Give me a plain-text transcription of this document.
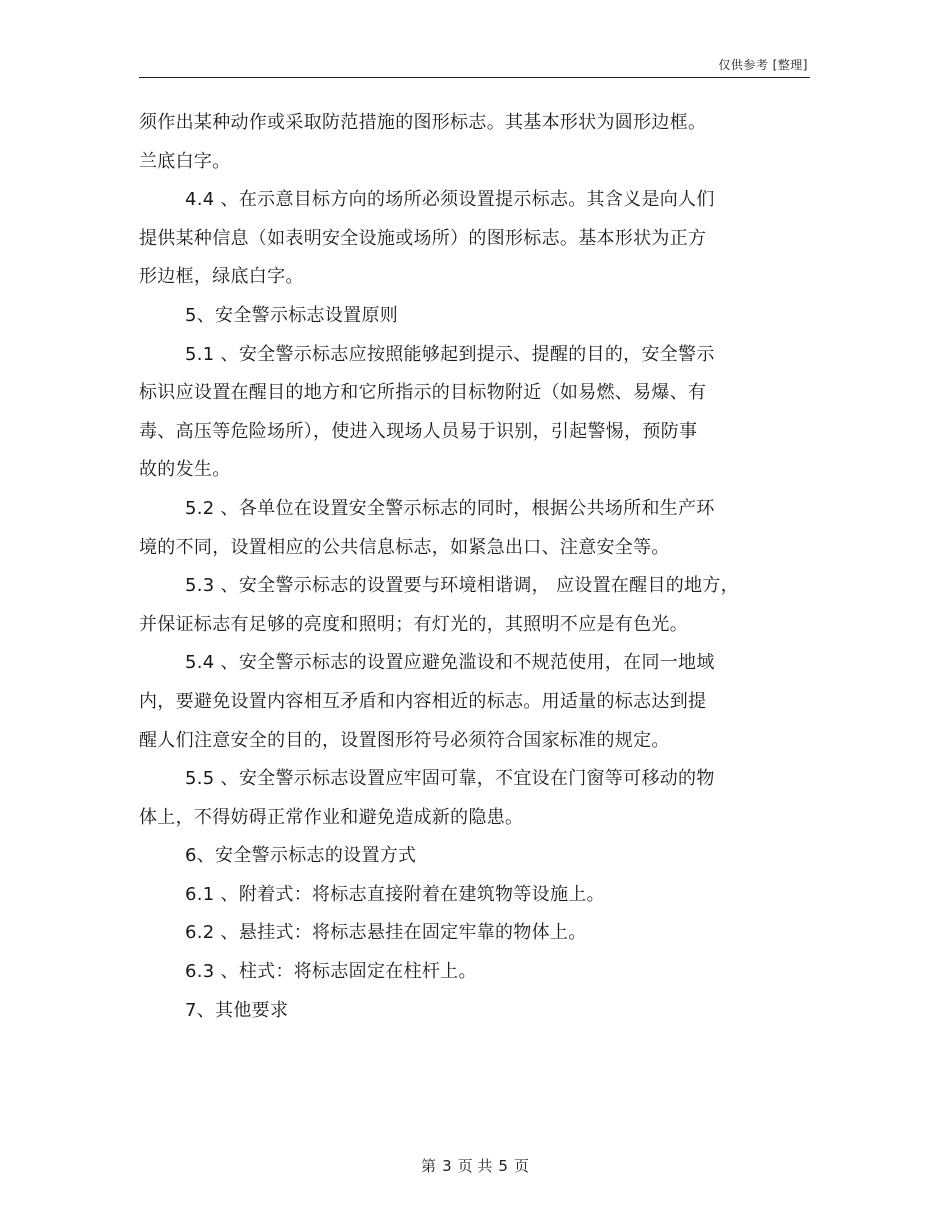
仅供参考 [整理]
须作出某种动作或采取防范措施的图形标志。其基本形状为圆形边框。
兰底白字。
4.4 、在示意目标方向的场所必须设置提示标志。其含义是向人们
提供某种信息（如表明安全设施或场所）的图形标志。基本形状为正方
形边框，绿底白字。
5、安全警示标志设置原则
5.1 、安全警示标志应按照能够起到提示、提醒的目的，安全警示
标识应设置在醒目的地方和它所指示的目标物附近（如易燃、易爆、有
毒、高压等危险场所），使进入现场人员易于识别，引起警惕，预防事
故的发生。
5.2 、各单位在设置安全警示标志的同时，根据公共场所和生产环
境的不同，设置相应的公共信息标志，如紧急出口、注意安全等。
5.3 、安全警示标志的设置要与环境相谐调， 应设置在醒目的地方，
并保证标志有足够的亮度和照明；有灯光的，其照明不应是有色光。
5.4 、安全警示标志的设置应避免滥设和不规范使用，在同一地域
内，要避免设置内容相互矛盾和内容相近的标志。用适量的标志达到提
醒人们注意安全的目的，设置图形符号必须符合国家标准的规定。
5.5 、安全警示标志设置应牢固可靠，不宜设在门窗等可移动的物
体上，不得妨碍正常作业和避免造成新的隐患。
6、安全警示标志的设置方式
6.1 、附着式：将标志直接附着在建筑物等设施上。
6.2 、悬挂式：将标志悬挂在固定牢靠的物体上。
6.3 、柱式：将标志固定在柱杆上。
7、其他要求
第 3 页 共 5 页
